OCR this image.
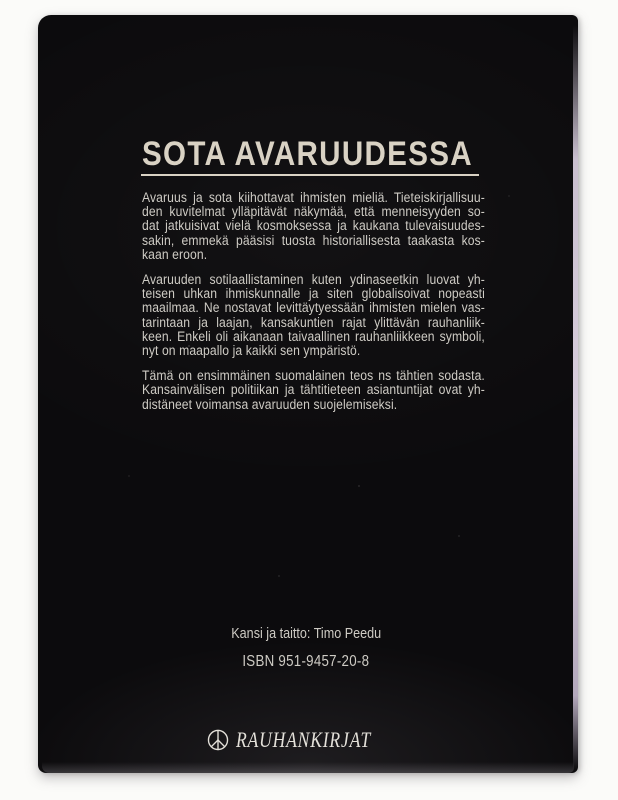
SOTA AVARUUDESSA
Avaruus ja sota kiihottavat ihmisten mieliä. Tieteiskirjallisuu-
den kuvitelmat ylläpitävät näkymää, että menneisyyden so-
dat jatkuisivat vielä kosmoksessa ja kaukana tulevaisuudes-
sakin, emmekä pääsisi tuosta historiallisesta taakasta kos-
kaan eroon.
Avaruuden sotilaallistaminen kuten ydinaseetkin luovat yh-
teisen uhkan ihmiskunnalle ja siten globalisoivat nopeasti
maailmaa. Ne nostavat levittäytyessään ihmisten mielen vas-
tarintaan ja laajan, kansakuntien rajat ylittävän rauhanliik-
keen. Enkeli oli aikanaan taivaallinen rauhanliikkeen symboli,
nyt on maapallo ja kaikki sen ympäristö.
Tämä on ensimmäinen suomalainen teos ns tähtien sodasta.
Kansainvälisen politiikan ja tähtitieteen asiantuntijat ovat yh-
distäneet voimansa avaruuden suojelemiseksi.
Kansi ja taitto: Timo Peedu
ISBN 951-9457-20-8
RAUHANKIRJAT
